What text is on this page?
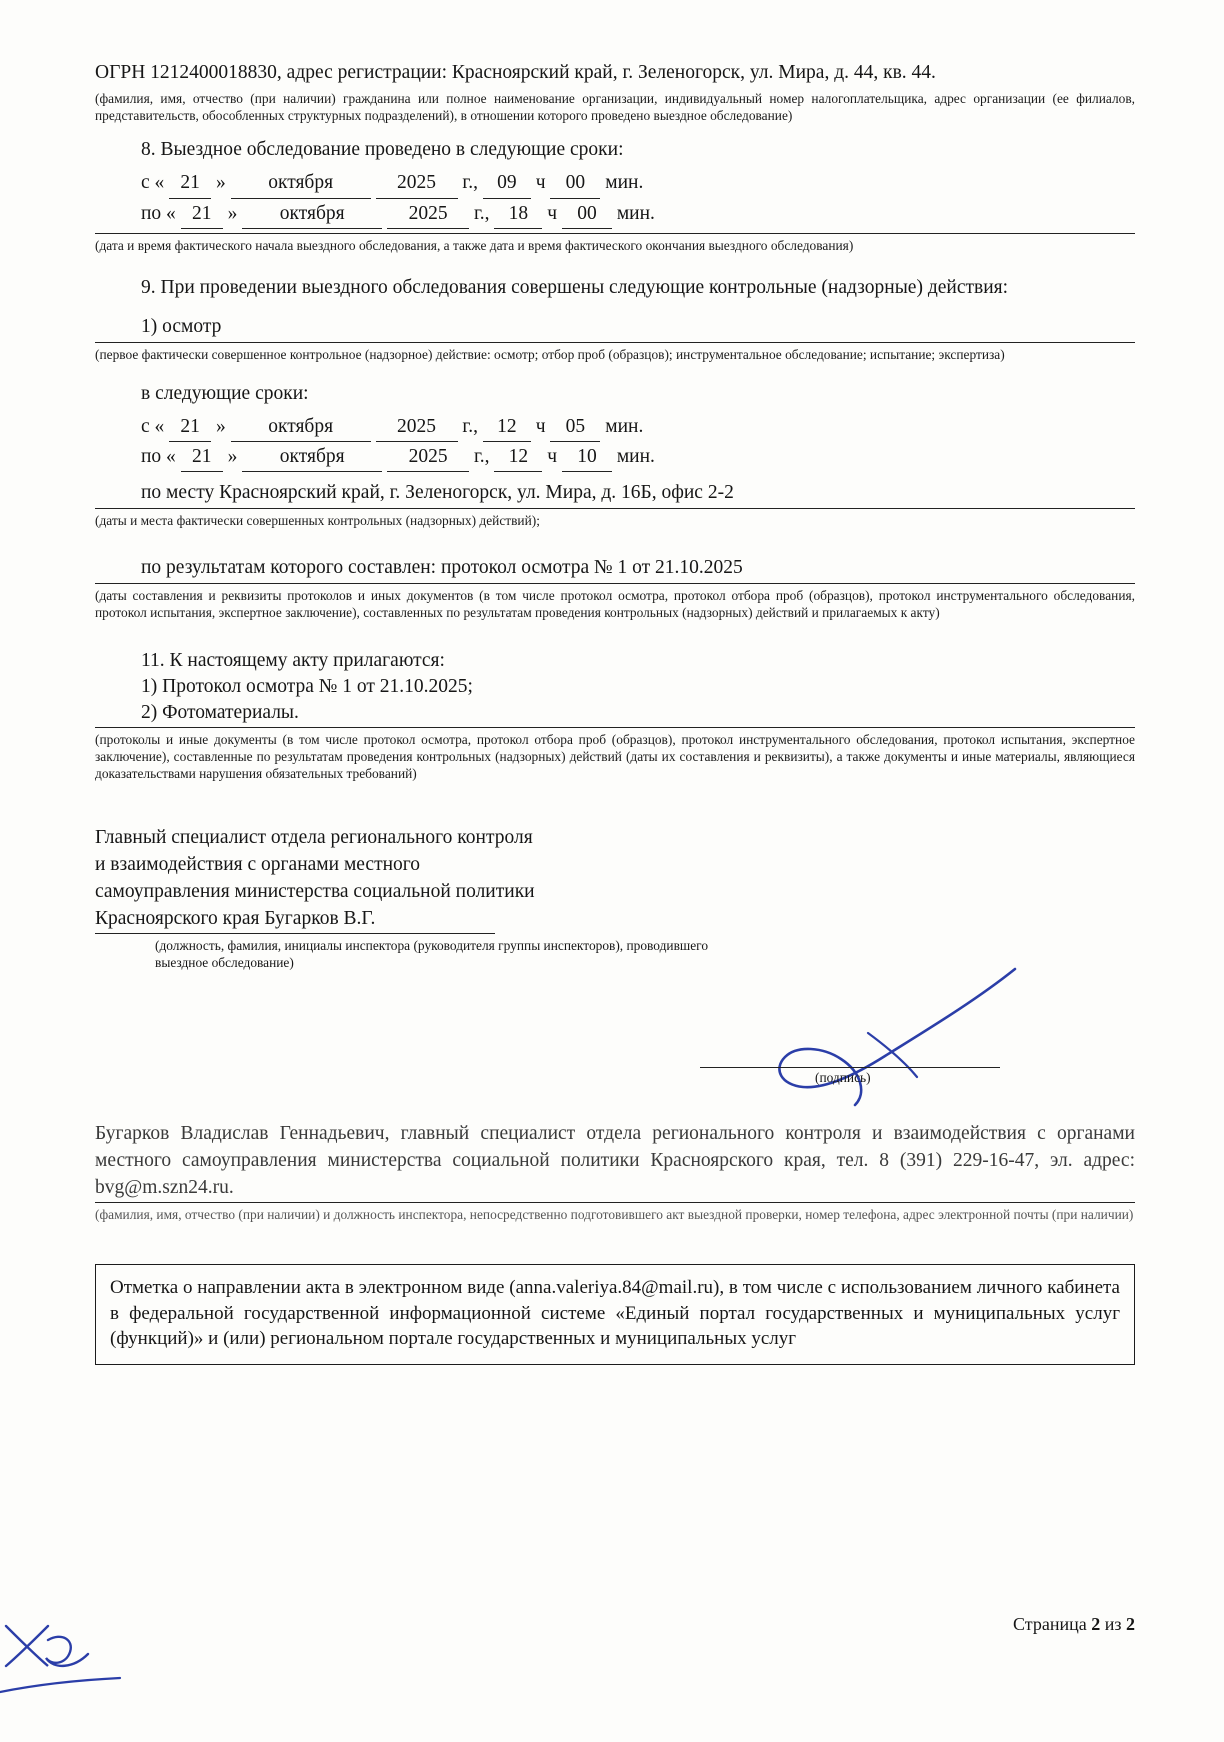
ОГРН 1212400018830, адрес регистрации: Красноярский край, г. Зеленогорск, ул. Мира, д. 44, кв. 44.
(фамилия, имя, отчество (при наличии) гражданина или полное наименование организации, индивидуальный номер налогоплательщика, адрес организации (ее филиалов, представительств, обособленных структурных подразделений), в отношении которого проведено выездное обследование)
8. Выездное обследование проведено в следующие сроки:
с « 21 » октября	2025 г., 09 ч 00 мин.
по « 21 » октября	2025 г., 18 ч 00 мин.
(дата и время фактического начала выездного обследования, а также дата и время фактического окончания выездного обследования)
9. При проведении выездного обследования совершены следующие контрольные (надзорные) действия:
1) осмотр
(первое фактически совершенное контрольное (надзорное) действие: осмотр; отбор проб (образцов); инструментальное обследование; испытание; экспертиза)
в следующие сроки:
с « 21 » октября	2025 г., 12 ч 05 мин.
по « 21 » октября	2025 г., 12 ч 10 мин.
по месту Красноярский край, г. Зеленогорск, ул. Мира, д. 16Б, офис 2-2
(даты и места фактически совершенных контрольных (надзорных) действий);
по результатам которого составлен: протокол осмотра № 1 от 21.10.2025
(даты составления и реквизиты протоколов и иных документов (в том числе протокол осмотра, протокол отбора проб (образцов), протокол инструментального обследования, протокол испытания, экспертное заключение), составленных по результатам проведения контрольных (надзорных) действий и прилагаемых к акту)
11. К настоящему акту прилагаются:
1) Протокол осмотра № 1 от 21.10.2025;
2) Фотоматериалы.
(протоколы и иные документы (в том числе протокол осмотра, протокол отбора проб (образцов), протокол инструментального обследования, протокол испытания, экспертное заключение), составленные по результатам проведения контрольных (надзорных) действий (даты их составления и реквизиты), а также документы и иные материалы, являющиеся доказательствами нарушения обязательных требований)
Главный специалист отдела регионального контроля
и взаимодействия с органами местного
самоуправления министерства социальной политики
Красноярского края Бугарков В.Г.
(должность, фамилия, инициалы инспектора (руководителя группы инспекторов), проводившего выездное обследование)
(подпись)
Бугарков Владислав Геннадьевич, главный специалист отдела регионального контроля и взаимодействия с органами местного самоуправления министерства социальной политики Красноярского края, тел. 8 (391) 229-16-47, эл. адрес: bvg@m.szn24.ru.
(фамилия, имя, отчество (при наличии) и должность инспектора, непосредственно подготовившего акт выездной проверки, номер телефона, адрес электронной почты (при наличии)
Отметка о направлении акта в электронном виде (anna.valeriya.84@mail.ru), в том числе с использованием личного кабинета в федеральной государственной информационной системе «Единый портал государственных и муниципальных услуг (функций)» и (или) региональном портале государственных и муниципальных услуг
Страница 2 из 2
